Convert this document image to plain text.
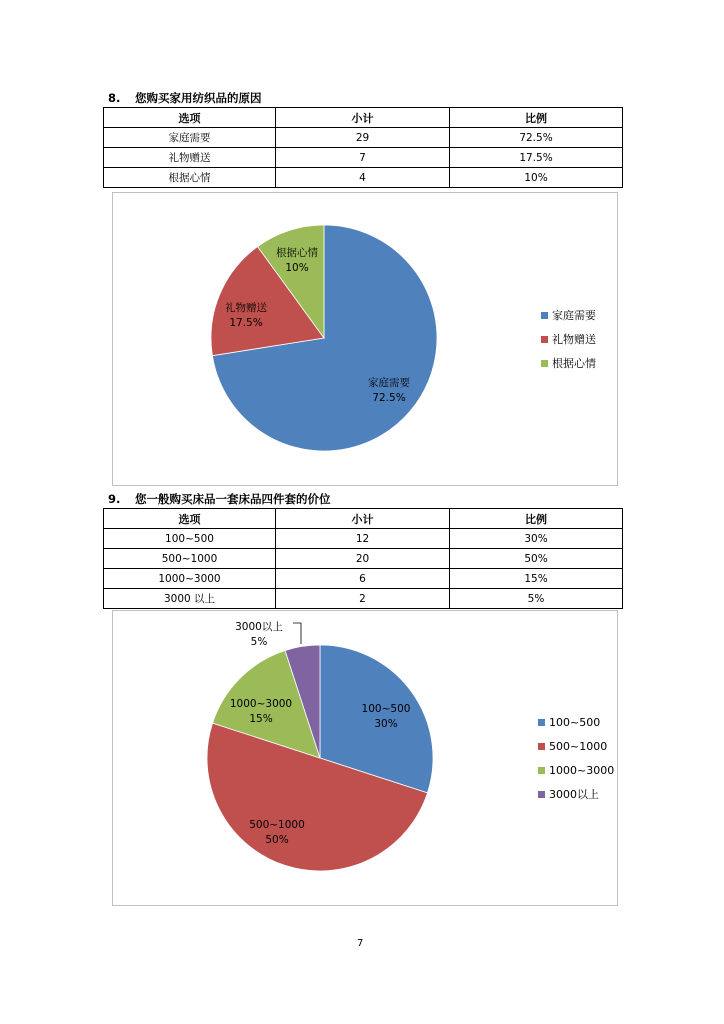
8. 您购买家用纺织品的原因
选项	小计	比例
家庭需要	29	72.5%
礼物赠送	7	17.5%
根据心情	4	10%
家庭需要
72.5%
礼物赠送
17.5%
根据心情
10%
家庭需要
礼物赠送
根据心情
9. 您一般购买床品一套床品四件套的价位
选项	小计	比例
100~500	12	30%
500~1000	20	50%
1000~3000	6	15%
3000 以上	2	5%
100~500
30%
500~1000
50%
1000~3000
15%
3000以上
5%
100~500
500~1000
1000~3000
3000以上
7
